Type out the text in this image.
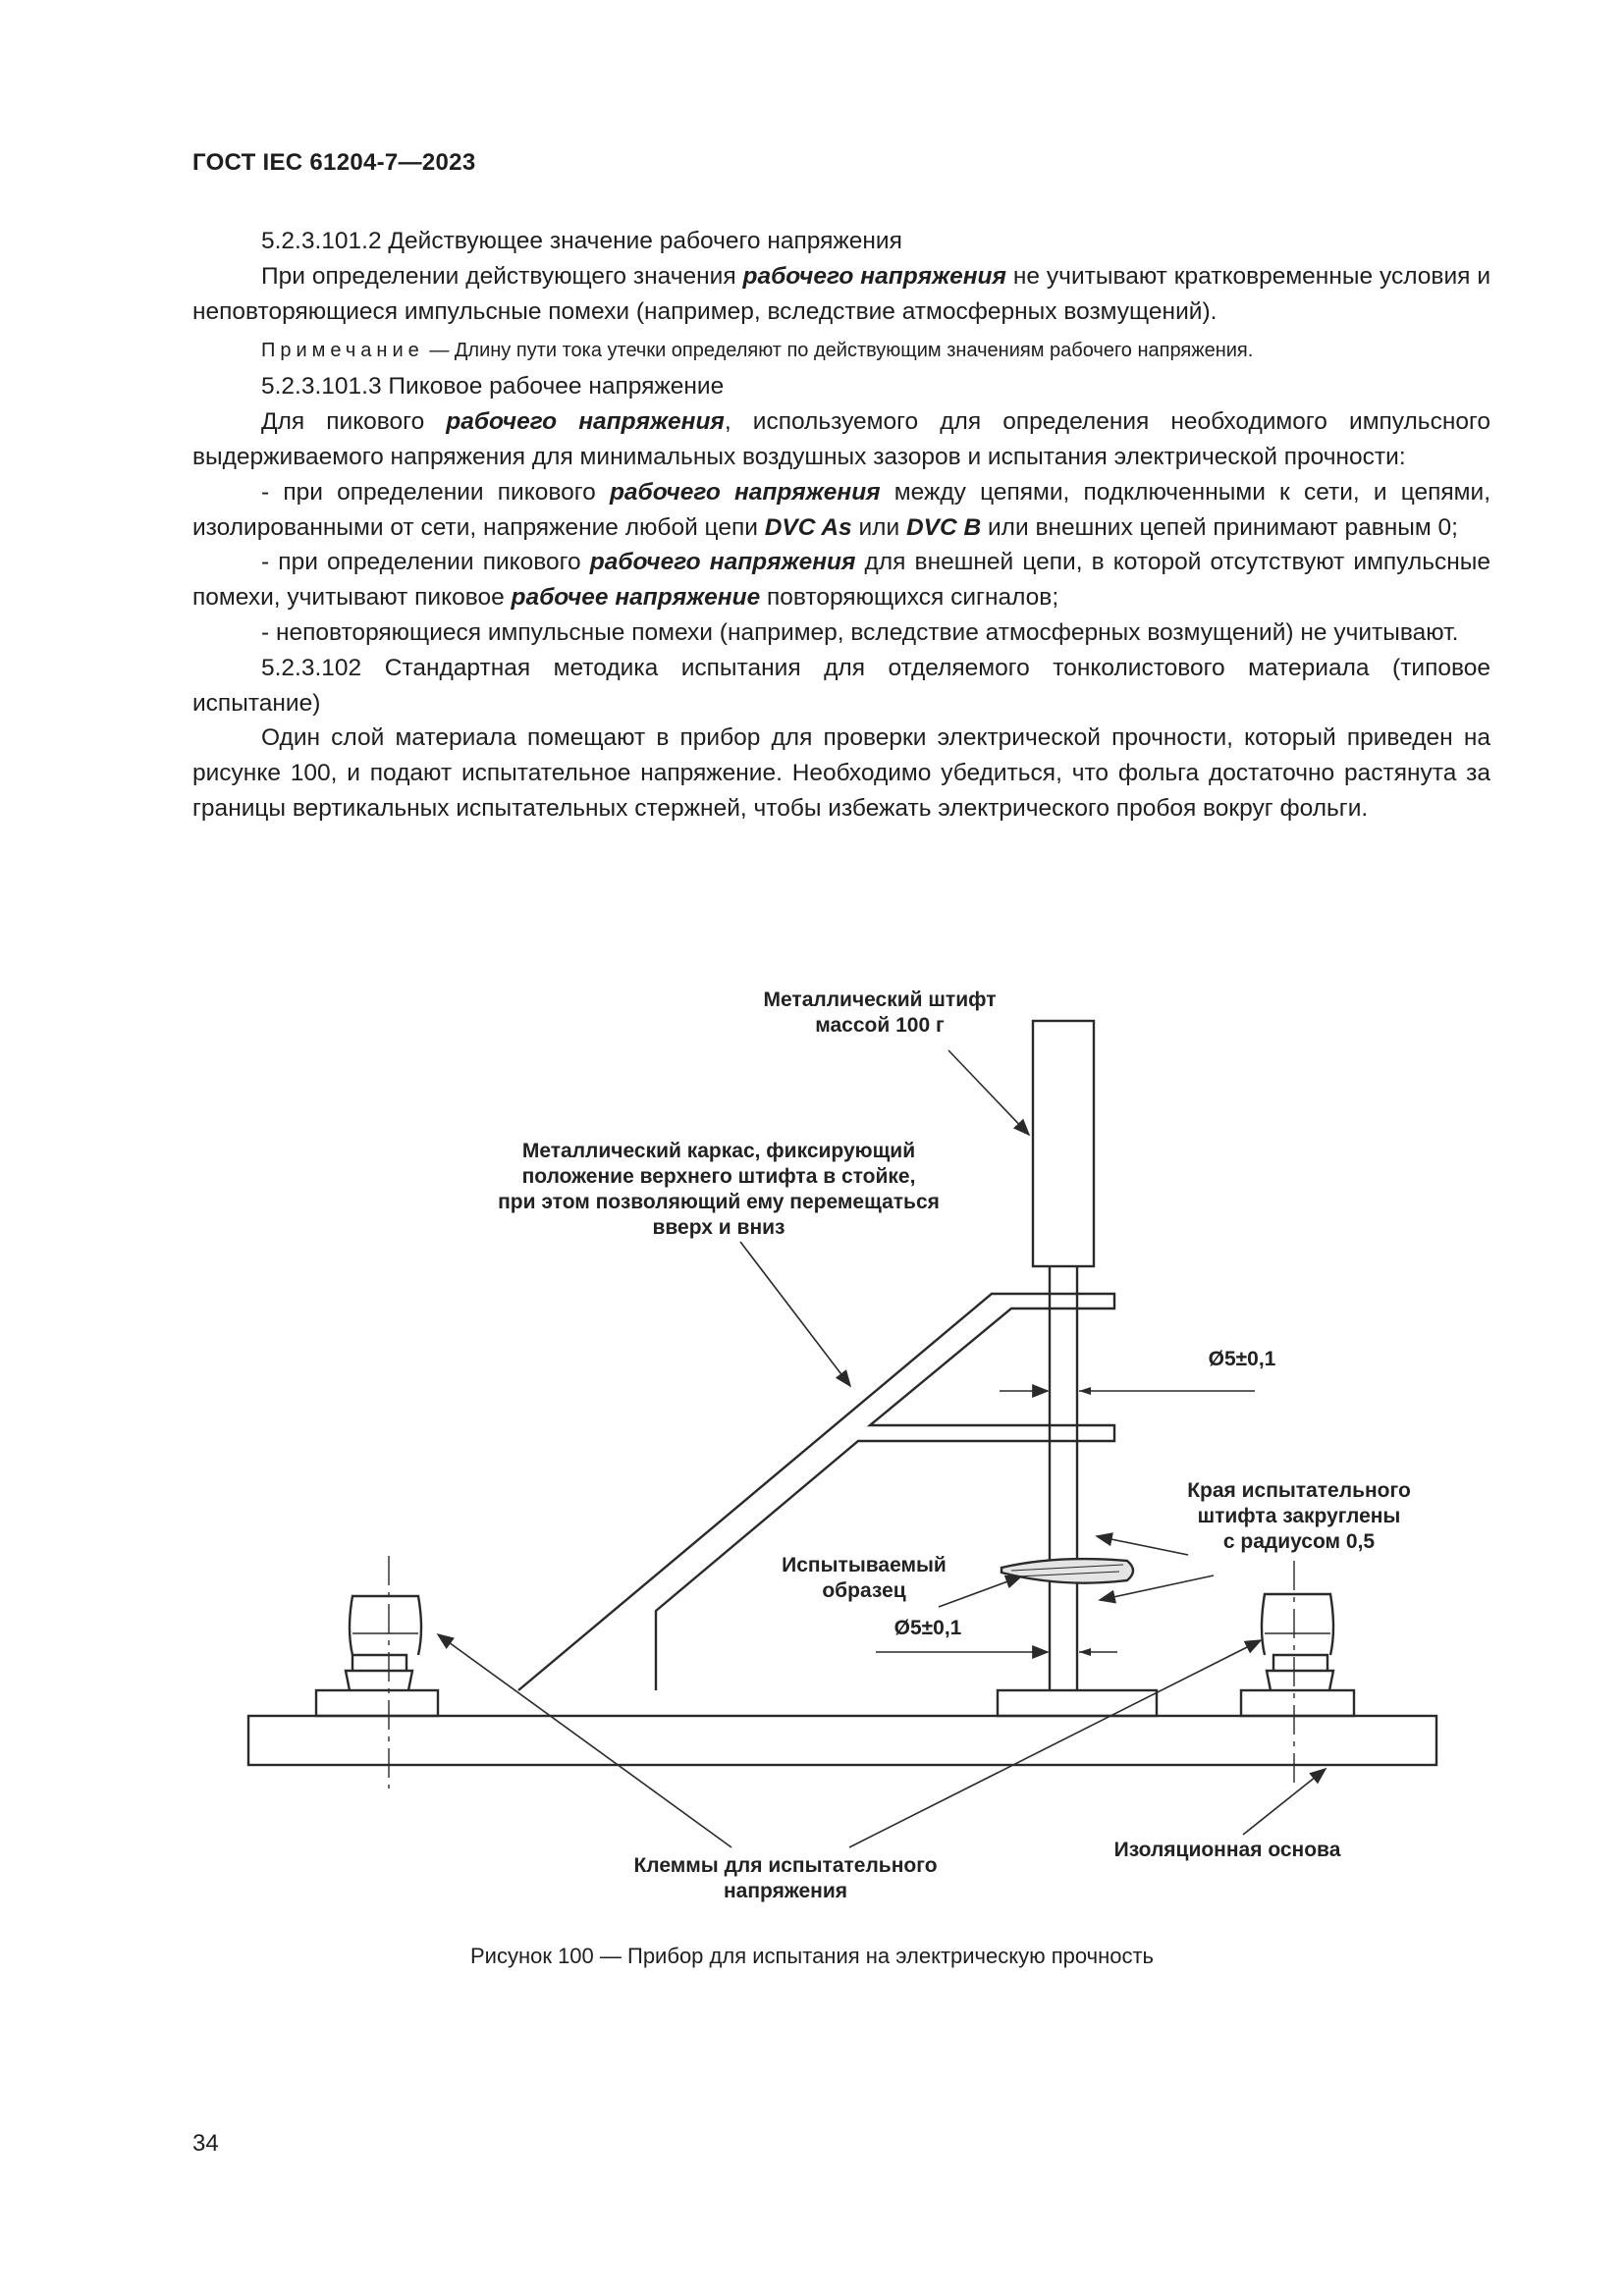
ГОСТ IEC 61204-7—2023

5.2.3.101.2 Действующее значение рабочего напряжения

При определении действующего значения рабочего напряжения не учитывают кратковременные условия и неповторяющиеся импульсные помехи (например, вследствие атмосферных возмущений).

Примечание — Длину пути тока утечки определяют по действующим значениям рабочего напряжения.

5.2.3.101.3 Пиковое рабочее напряжение

Для пикового рабочего напряжения, используемого для определения необходимого импульсного выдерживаемого напряжения для минимальных воздушных зазоров и испытания электрической прочности:

- при определении пикового рабочего напряжения между цепями, подключенными к сети, и цепями, изолированными от сети, напряжение любой цепи DVC As или DVC B или внешних цепей принимают равным 0;

- при определении пикового рабочего напряжения для внешней цепи, в которой отсутствуют импульсные помехи, учитывают пиковое рабочее напряжение повторяющихся сигналов;

- неповторяющиеся импульсные помехи (например, вследствие атмосферных возмущений) не учитывают.

5.2.3.102 Стандартная методика испытания для отделяемого тонколистового материала (типовое испытание)

Один слой материала помещают в прибор для проверки электрической прочности, который приведен на рисунке 100, и подают испытательное напряжение. Необходимо убедиться, что фольга достаточно растянута за границы вертикальных испытательных стержней, чтобы избежать электрического пробоя вокруг фольги.

Металлический штифт
массой 100 г
Металлический каркас, фиксирующий
положение верхнего штифта в стойке,
при этом позволяющий ему перемещаться
вверх и вниз
Ø5±0,1
Края испытательного
штифта закруглены
с радиусом 0,5
Испытываемый
образец
Ø5±0,1
Клеммы для испытательного
напряжения
Изоляционная основа
Рисунок 100 — Прибор для испытания на электрическую прочность
34
